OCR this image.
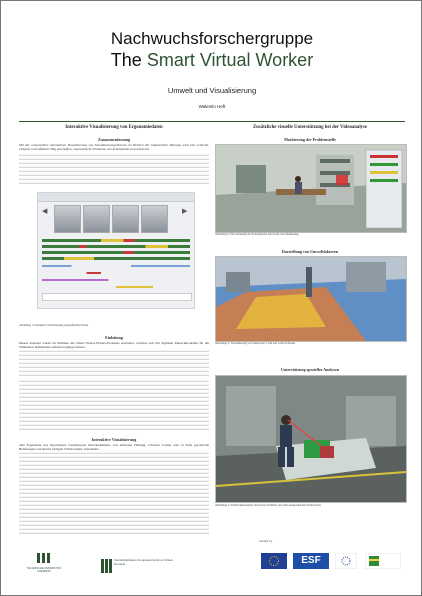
Nachwuchsforschergruppe
The Smart Virtual Worker
Umwelt und Visualisierung
Walentin Heft
Interaktive Visualisierung von Ergonomiedaten
Zusammenfassung
Mit der vorgestellten interaktiven Visualisierung von Simulationsergebnissen im Bereich der industriellen Planung wird eine schnelle, einfache und effiziente Weg geschaffen, ergonomische Probleme von Arbeitsplatz zu analysieren.
◀	▶
Abbildung 1: Interaktive Visualisierung ergonomischer Daten.
Einleitung
Dieses Konzept wurde im Rahmen des Smart-Virtual-Worker-Projektes erarbeitet, welches sich mit digitalen Menschmodellen für die Simulation industrieller Arbeitsvorgänge befasst.
Interaktive Visualisierung
Alle Ergebnisse des berechneten Gesamtwerte übereinstimmen, von einfacher Haltung, schwerer Lasten oder in hohe psychische Belastungen werden im farbigen Schieberegler visualisiert.
Zusätzliche visuelle Unterstützung bei der Videoanalyse
Markierung der Problemstelle
Abbildung 2: Hervorhebung der Problemstelle durch eine rote Markierung.
Darstellung von Umweltfaktoren
Abbildung 3: Visualisierung von Temperatur, Licht und Lärm im Raum.
Unterstützung spezieller Analysen
Abbildung 4: Sichtbarkeitsanalyse durch eine Sichtlinie und dem entsprechenden Sichtbereich.
TECHNISCHE UNIVERSITÄT CHEMNITZ
Interdisziplinäres Kompetenzzentrum Virtual Humans
funded by:
ESF
